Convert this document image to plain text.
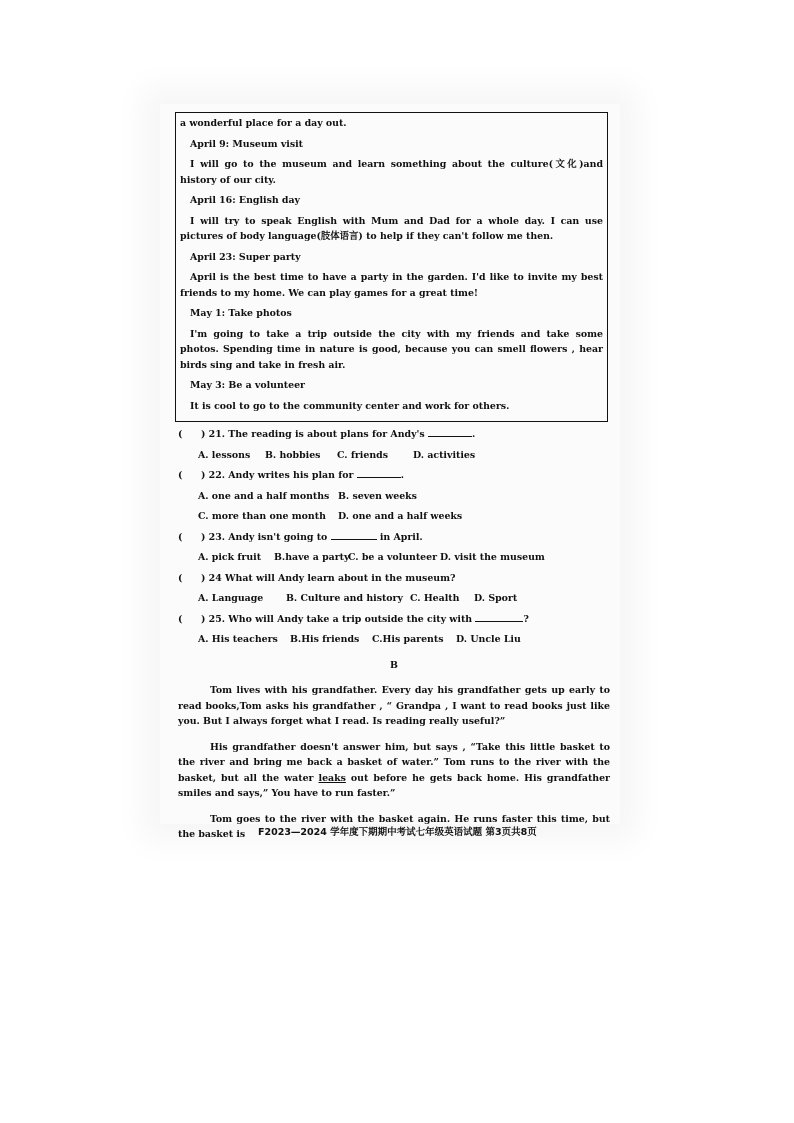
a wonderful place for a day out.

April 9: Museum visit

I will go to the museum and learn something about the culture(文化)and history of our city.

April 16: English day

I will try to speak English with Mum and Dad for a whole day. I can use pictures of body language(肢体语言) to help if they can't follow me then.

April 23: Super party

April is the best time to have a party in the garden. I'd like to invite my best friends to my home. We can play games for a great time!

May 1: Take photos

I'm going to take a trip outside the city with my friends and take some photos. Spending time in nature is good, because you can smell flowers , hear birds sing and take in fresh air.

May 3: Be a volunteer

It is cool to go to the community center and work for others.

( ) 21. The reading is about plans for Andy's	.
A. lessons	B. hobbies	C. friends	D. activities
( ) 22. Andy writes his plan for	.
A. one and a half months B. seven weeks
C. more than one month	D. one and a half weeks
( ) 23. Andy isn't going to	in April.
A. pick fruit	B.have a party
C. be a volunteer D. visit the museum
( ) 24 What will Andy learn about in the museum?
A. Language	B. Culture and history C. Health	D. Sport
( ) 25. Who will Andy take a trip outside the city with	?
A. His teachers	B.His friends	C.His parents	D. Uncle Liu
B

Tom lives with his grandfather. Every day his grandfather gets up early to read books,Tom asks his grandfather , “ Grandpa , I want to read books just like you. But I always forget what I read. Is reading really useful?”

His grandfather doesn't answer him, but says , “Take this little basket to the river and bring me back a basket of water.” Tom runs to the river with the basket, but all the water leaks out before he gets back home. His grandfather smiles and says,” You have to run faster.”

Tom goes to the river with the basket again. He runs faster this time, but the basket is	F2023—2024 学年度下期期中考试七年级英语试题 第3页共8页
